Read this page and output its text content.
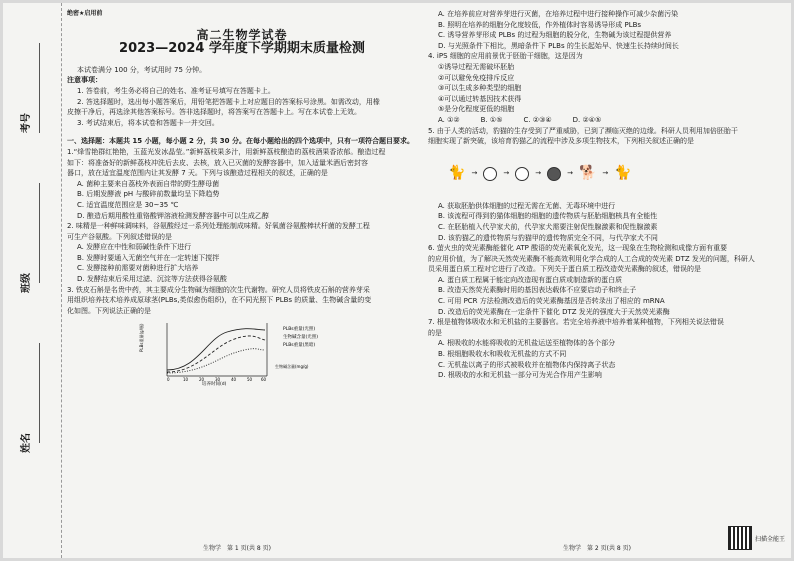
考号
班级
姓名
绝密★启用前
高二生物学试卷
2023—2024 学年度下学期期末质量检测
本试卷满分 100 分，考试用时 75 分钟。
注意事项：
1. 答卷前，考生务必将自己的姓名、准考证号填写在答题卡上。
2. 答选择题时，选出每小题答案后，用铅笔把答题卡上对应题目的答案标号涂黑。如需改动，用橡
皮擦干净后，再选涂其他答案标号。答非选择题时，将答案写在答题卡上。写在本试卷上无效。
3. 考试结束后，将本试卷和答题卡一并交回。
一、选择题：本题共 15 小题，每小题 2 分，共 30 分。在每小题给出的四个选项中，只有一项符合题目要求。
1.“烽雪艳群红艳艳，玉蓝光发冰晶莹。”新鲜荔枝果多汁，用新鲜荔枝酿造的荔枝酒果香浓郁。酿造过程
如下：将准备好的新鲜荔枝冲洗后去皮、去核，放入已灭菌的发酵容器中，加入适量米酒后密封容
器口，放在适宜温度范围内让其发酵 7 天。下列与该酿造过程相关的叙述，正确的是
A. 菌种主要来自荔枝外表面自带的野生酵母菌
B. 后期发酵液 pH 与酸碎前数量均呈下降趋势
C. 适宜温度范围应是 30~35 ℃
D. 酿造后期用酸性重铬酸钾溶液检测发酵容器中可以生成乙醇
2. 味精是一种鲜味调味料，谷氨酸经过一系列处理能制成味精。好氧菌谷氨酸棒状杆菌的发酵工程
可生产谷氨酸。下列叙述错误的是
A. 发酵应在中性和弱碱性条件下进行
B. 发酵时要通入无菌空气并在一定转速下搅拌
C. 发酵接种前需要对菌种进行扩大培养
D. 发酵结束后采用过滤、沉淀等方法获得谷氨酸
3. 铁皮石斛是名贵中药，其主要成分生物碱为细胞的次生代谢物。研究人员将铁皮石斛的营养芽采
用组织培养技术培养成原球茎(PLBs,类似愈伤组织)，在不同光照下 PLBs 的质量、生物碱含量的变
化如图。下列说法正确的是
PLBs重量(g/瓶)
培养时间(d)
0	10	20	30	40	50 60
PLBs重量(光照)
生物碱含量(光照)
PLBs重量(黑暗)
生物碱含量(mg/g)
生物学　第 1 页(共 8 页)
A. 在培养前应对营养芽进行灭菌，在培养过程中进行接种操作可减少杂菌污染
B. 照明在培养的细胞分化度较低，作外植体时容易诱导形成 PLBs
C. 诱导营养芽形成 PLBs 的过程为细胞的脱分化，生物碱为该过程提供营养
D. 与光照条件下相比，黑暗条件下 PLBs 的生长起始早、快速生长持续时间长
4. iPS 细胞的应用前景优于胚胎干细胞，这是因为
①诱导过程无需破坏胚胎
②可以避免免疫排斥反应
③可以生成多种类型的细胞
④可以通过转基因技术获得
⑤是分化程度更低的细胞
A. ①②　　　B. ①⑤　　　C. ②③④　　　D. ②④⑤
5. 由于人类的活动，豹猫的生存受到了严重威胁，已到了濒临灭绝的边缘。科研人员利用加倍胚胎干
细胞实现了新突破，该培育豹猫乙的流程中涉及多项生物技术，下列相关叙述正确的是
🐈 →	→	→	→ 🐕 → 🐈
A. 获取胚胎供体细胞的过程无需在无菌、无毒环境中进行
B. 该流程可得到豹猫体细胞的细胞的遗传物质与胚胎细胞核具有全能性
C. 在胚胎植入代孕家犬前，代孕家犬需要注射促性腺激素和促性腺激素
D. 该豹猫乙的遗传物质与豹猫甲的遗传物质完全不同，与代孕家犬不同
6. 萤火虫的荧光素酶能催化 ATP 酸语的荧光素氧化发光，这一现象在生物检测和成像方面有重要
的应用价值，为了解决天然荧光素酶不能高效利用化学合成的人工合成的荧光素 DTZ 发光的问题，科研人
员采用蛋白质工程对它进行了改造。下列关于蛋白质工程改造荧光素酶的叙述，错误的是
A. 蛋白质工程属于能定向改造现有蛋白质或制造新的蛋白质
B. 改造天然荧光素酶时用的基因表达载体不应要启动子和终止子
C. 可用 PCR 方法检测改造后的荧光素酶基因是否转录出了相应的 mRNA
D. 改造后的荧光素酶在一定条件下催化 DTZ 发光的强度大于天然荧光素酶
7. 根是植物体吸收水和无机盐的主要器官。若完全培养液中培养着某种植物，下列相关说法错误
的是
A. 根吸收的水能将吸收的无机盐运送至植物体的各个部分
B. 根细胞吸收水和吸收无机盐的方式不同
C. 无机盐以离子的形式被吸收并在植物体内保持离子状态
D. 根吸收的水和无机盐一部分可为光合作用产生影响
生物学　第 2 页(共 8 页)
扫描全能王
